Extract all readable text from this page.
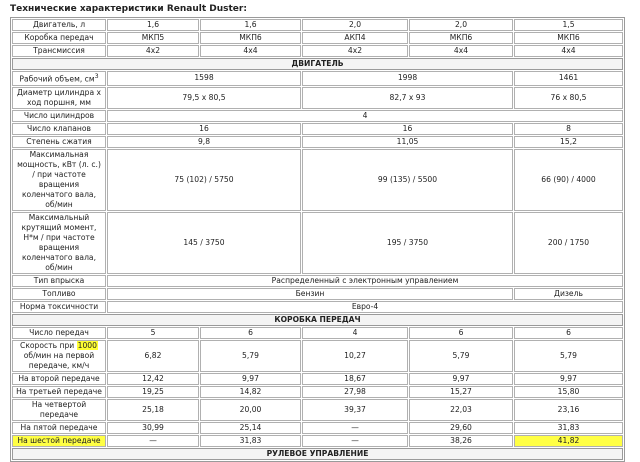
Технические характеристики Renault Duster:
Двигатель, л	1,6	1,6	2,0	2,0	1,5
Коробка передач	МКП5	МКП6	АКП4	МКП6	МКП6
Трансмиссия	4x2	4x4	4x2	4x4	4x4
ДВИГАТЕЛЬ					
Рабочий объем, $см^3$	1598		1998		1461
Диаметр цилиндра х ход поршня, мм	79,5 х 80,5		82,7 х 93		76 х 80,5
Число цилиндров	4				
Число клапанов	16		16		8
Степень сжатия	9,8		11,05		15,2
Максимальная мощность, кВт (л. с.) / при частоте вращения коленчатого вала, об/мин	75 (102) / 5750		99 (135) / 5500		66 (90) / 4000
Максимальный крутящий момент, Н*м / при частоте вращения коленчатого вала, об/мин	145 / 3750		195 / 3750		200 / 1750
Тип впрыска	Распределенный с электронным управлением				
Топливо	Бензин				Дизель
Норма токсичности	Евро-4				
КОРОБКА ПЕРЕДАЧ					
Число передач	5	6	4	6	6
Скорость при 1000 об/мин на первой передаче, км/ч	6,82	5,79	10,27	5,79	5,79
На второй передаче	12,42	9,97	18,67	9,97	9,97
На третьей передаче	19,25	14,82	27,98	15,27	15,80
На четвертой передаче	25,18	20,00	39,37	22,03	23,16
На пятой передаче	30,99	25,14	—	29,60	31,83
На шестой передаче	—	31,83	—	38,26	41,82
РУЛЕВОЕ УПРАВЛЕНИЕ					
